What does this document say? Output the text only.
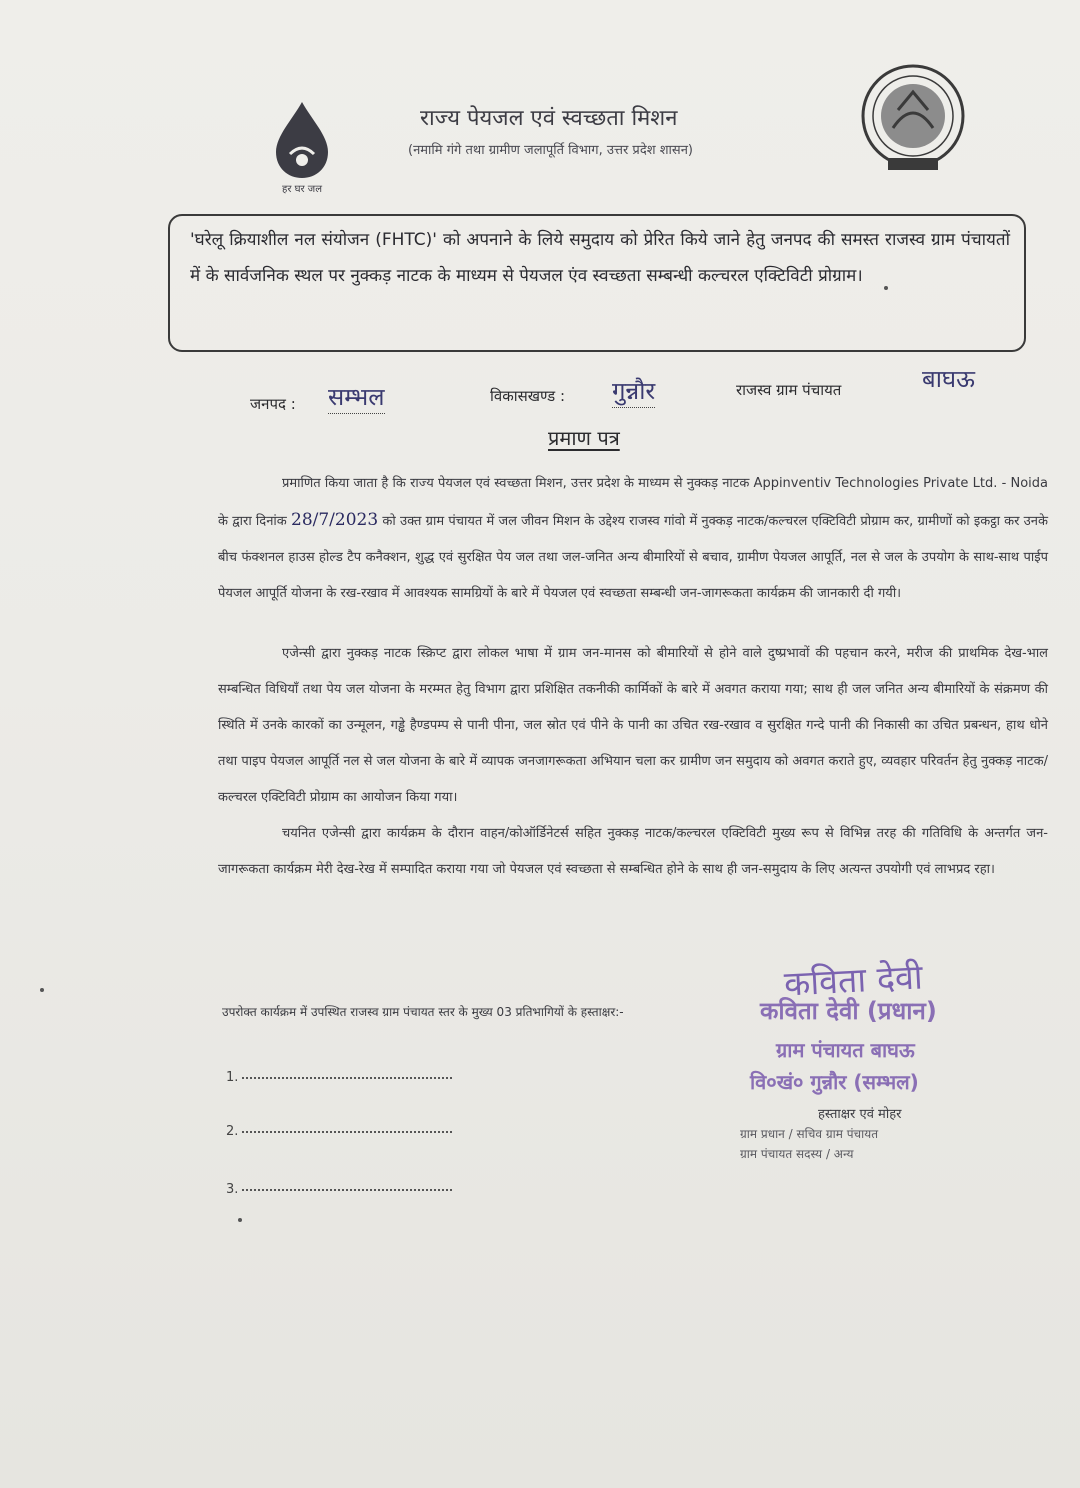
हर घर जल
राज्य पेयजल एवं स्वच्छता मिशन
(नमामि गंगे तथा ग्रामीण जलापूर्ति विभाग, उत्तर प्रदेश शासन)
'घरेलू क्रियाशील नल संयोजन (FHTC)' को अपनाने के लिये समुदाय को प्रेरित किये जाने हेतु जनपद की समस्त राजस्व ग्राम पंचायतों में के सार्वजनिक स्थल पर नुक्कड़ नाटक के माध्यम से पेयजल एंव स्वच्छता सम्बन्धी कल्चरल एक्टिविटी प्रोग्राम।
जनपद : सम्भल	विकासखण्ड : गुन्नौर	राजस्व ग्राम पंचायत	बाघऊ
प्रमाण पत्र
प्रमाणित किया जाता है कि राज्य पेयजल एवं स्वच्छता मिशन, उत्तर प्रदेश के माध्यम से नुक्कड़ नाटक Appinventiv Technologies Private Ltd. - Noida के द्वारा दिनांक 28/7/2023 को उक्त ग्राम पंचायत में जल जीवन मिशन के उद्देश्य राजस्व गांवो में नुक्कड़ नाटक/कल्चरल एक्टिविटी प्रोग्राम कर, ग्रामीणों को इकट्ठा कर उनके बीच फंक्शनल हाउस होल्ड टैप कनैक्शन, शुद्ध एवं सुरक्षित पेय जल तथा जल-जनित अन्य बीमारियों से बचाव, ग्रामीण पेयजल आपूर्ति, नल से जल के उपयोग के साथ-साथ पाईप पेयजल आपूर्ति योजना के रख-रखाव में आवश्यक सामग्रियों के बारे में पेयजल एवं स्वच्छता सम्बन्धी जन-जागरूकता कार्यक्रम की जानकारी दी गयी।
एजेन्सी द्वारा नुक्कड़ नाटक स्क्रिप्ट द्वारा लोकल भाषा में ग्राम जन-मानस को बीमारियों से होने वाले दुष्प्रभावों की पहचान करने, मरीज की प्राथमिक देख-भाल सम्बन्धित विधियाँ तथा पेय जल योजना के मरम्मत हेतु विभाग द्वारा प्रशिक्षित तकनीकी कार्मिकों के बारे में अवगत कराया गया; साथ ही जल जनित अन्य बीमारियों के संक्रमण की स्थिति में उनके कारकों का उन्मूलन, गड्ढे हैण्डपम्प से पानी पीना, जल स्रोत एवं पीने के पानी का उचित रख-रखाव व सुरक्षित गन्दे पानी की निकासी का उचित प्रबन्धन, हाथ धोने तथा पाइप पेयजल आपूर्ति नल से जल योजना के बारे में व्यापक जनजागरूकता अभियान चला कर ग्रामीण जन समुदाय को अवगत कराते हुए, व्यवहार परिवर्तन हेतु नुक्कड़ नाटक/कल्चरल एक्टिविटी प्रोग्राम का आयोजन किया गया।
चयनित एजेन्सी द्वारा कार्यक्रम के दौरान वाहन/कोऑर्डिनेटर्स सहित नुक्कड़ नाटक/कल्चरल एक्टिविटी मुख्य रूप से विभिन्न तरह की गतिविधि के अन्तर्गत जन-जागरूकता कार्यक्रम मेरी देख-रेख में सम्पादित कराया गया जो पेयजल एवं स्वच्छता से सम्बन्धित होने के साथ ही जन-समुदाय के लिए अत्यन्त उपयोगी एवं लाभप्रद रहा।
उपरोक्त कार्यक्रम में उपस्थित राजस्व ग्राम पंचायत स्तर के मुख्य 03 प्रतिभागियों के हस्ताक्षर:-
1.
2.
3.
कविता देवी
कविता देवी (प्रधान)
ग्राम पंचायत बाघऊ
वि०खं० गुन्नौर (सम्भल)
हस्ताक्षर एवं मोहर
ग्राम प्रधान / सचिव ग्राम पंचायत
ग्राम पंचायत सदस्य / अन्य
